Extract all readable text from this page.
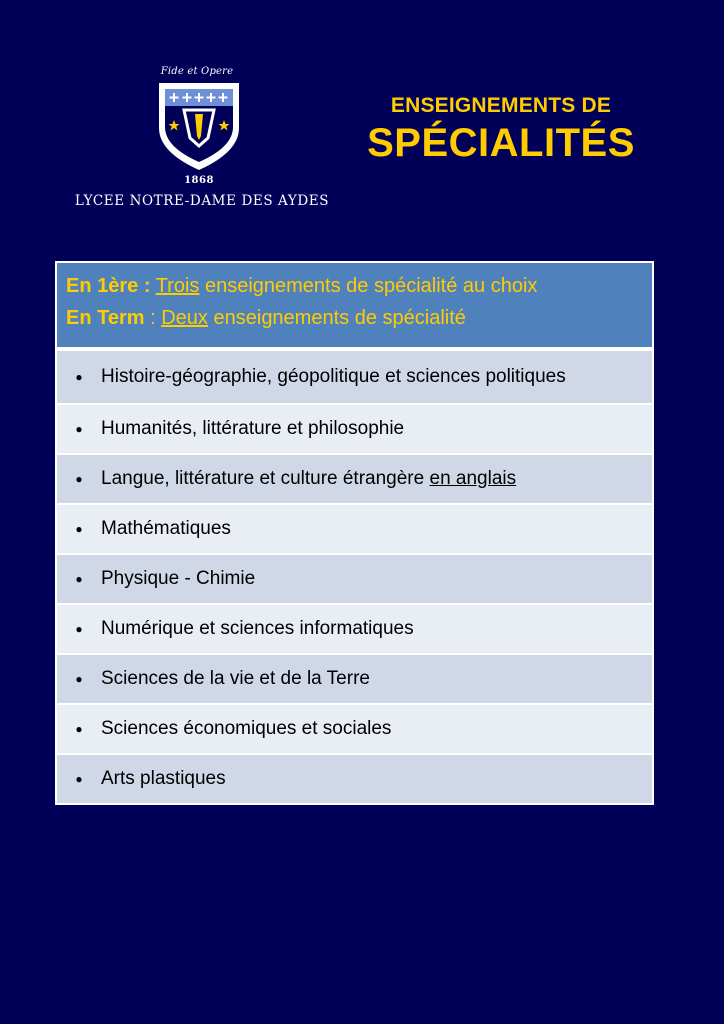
Fide et Opere
1868
LYCEE NOTRE-DAME DES AYDES
ENSEIGNEMENTS DE
SPÉCIALITÉS
En 1ère : Trois enseignements de spécialité au choix
En Term : Deux enseignements de spécialité
● Histoire-géographie, géopolitique et sciences politiques
● Humanités, littérature et philosophie
● Langue, littérature et culture étrangère en anglais
● Mathématiques
● Physique - Chimie
● Numérique et sciences informatiques
● Sciences de la vie et de la Terre
● Sciences économiques et sociales
● Arts plastiques
